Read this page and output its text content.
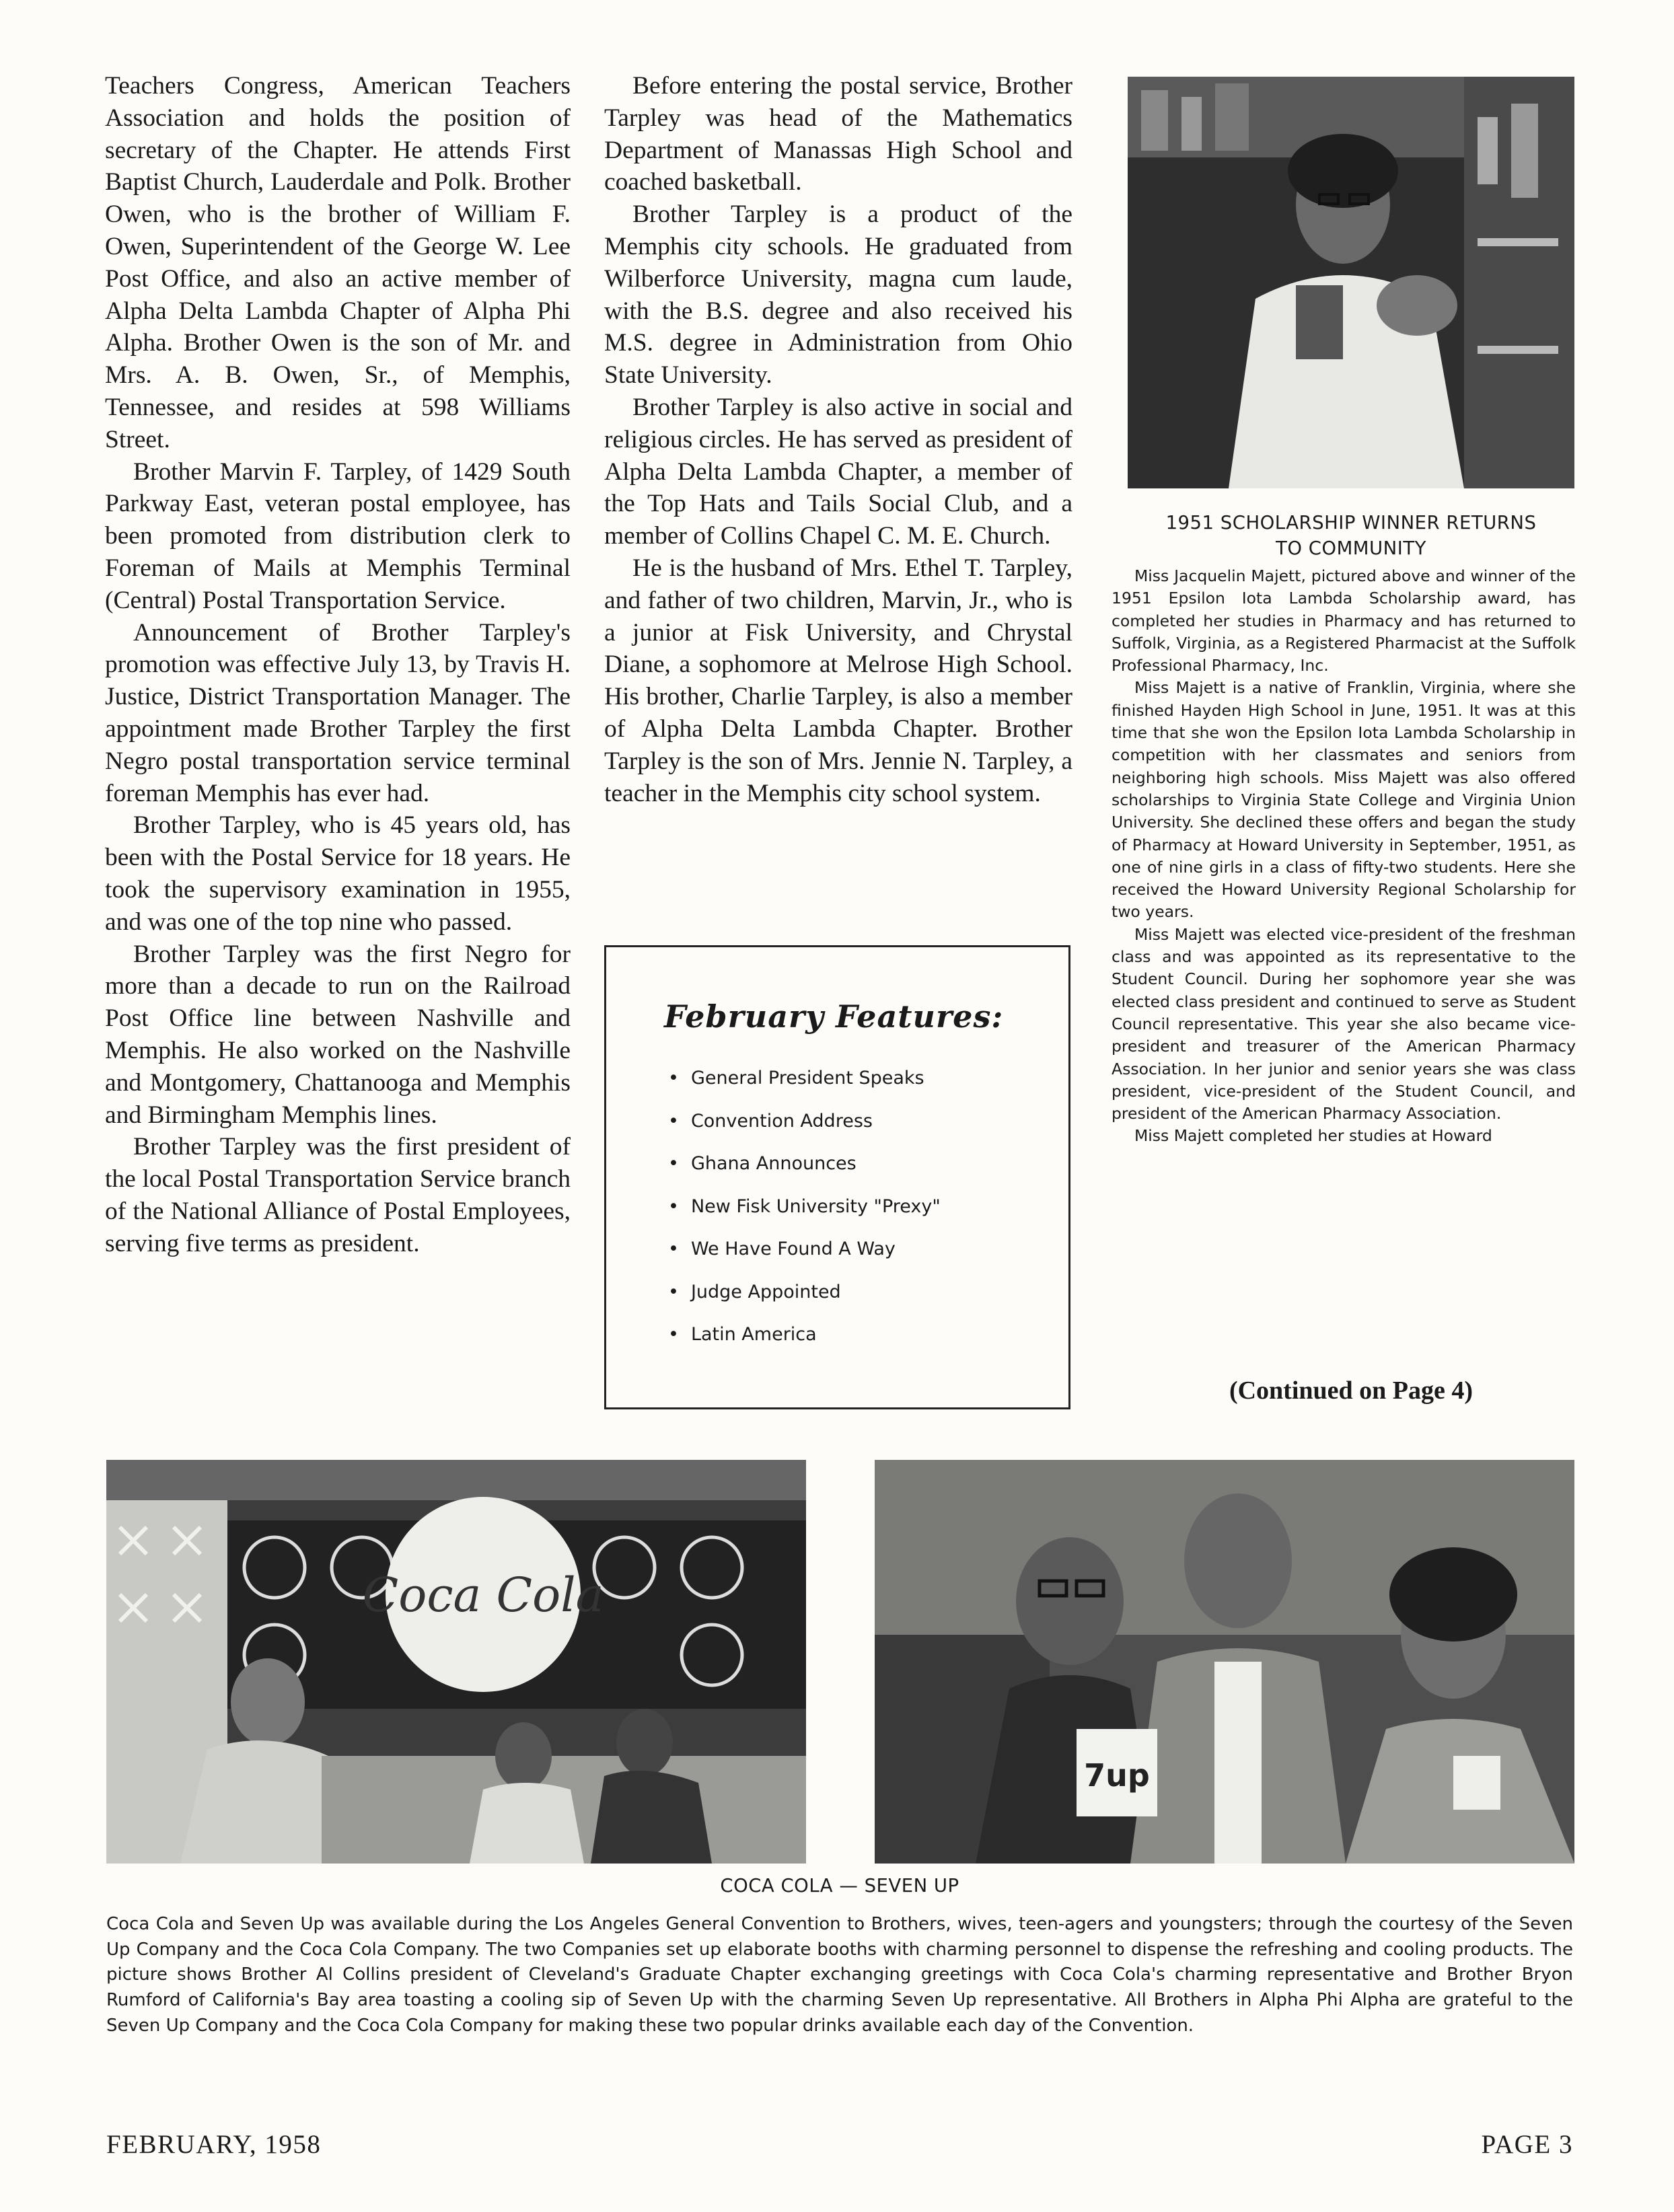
Teachers Congress, American Teachers Association and holds the position of secretary of the Chapter. He attends First Baptist Church, Lauderdale and Polk. Brother Owen, who is the brother of William F. Owen, Superintendent of the George W. Lee Post Office, and also an active member of Alpha Delta Lambda Chapter of Alpha Phi Alpha. Brother Owen is the son of Mr. and Mrs. A. B. Owen, Sr., of Memphis, Tennessee, and resides at 598 Williams Street.

Brother Marvin F. Tarpley, of 1429 South Parkway East, veteran postal employee, has been promoted from distribution clerk to Foreman of Mails at Memphis Terminal (Central) Postal Transportation Service.

Announcement of Brother Tarpley's promotion was effective July 13, by Travis H. Justice, District Transportation Manager. The appointment made Brother Tarpley the first Negro postal transportation service terminal foreman Memphis has ever had.

Brother Tarpley, who is 45 years old, has been with the Postal Service for 18 years. He took the supervisory examination in 1955, and was one of the top nine who passed.

Brother Tarpley was the first Negro for more than a decade to run on the Railroad Post Office line between Nashville and Memphis. He also worked on the Nashville and Montgomery, Chattanooga and Memphis and Birmingham Memphis lines.

Brother Tarpley was the first president of the local Postal Transportation Service branch of the National Alliance of Postal Employees, serving five terms as president.

Before entering the postal service, Brother Tarpley was head of the Mathematics Department of Manassas High School and coached basketball.

Brother Tarpley is a product of the Memphis city schools. He graduated from Wilberforce University, magna cum laude, with the B.S. degree and also received his M.S. degree in Administration from Ohio State University.

Brother Tarpley is also active in social and religious circles. He has served as president of Alpha Delta Lambda Chapter, a member of the Top Hats and Tails Social Club, and a member of Collins Chapel C. M. E. Church.

He is the husband of Mrs. Ethel T. Tarpley, and father of two children, Marvin, Jr., who is a junior at Fisk University, and Chrystal Diane, a sophomore at Melrose High School. His brother, Charlie Tarpley, is also a member of Alpha Delta Lambda Chapter. Brother Tarpley is the son of Mrs. Jennie N. Tarpley, a teacher in the Memphis city school system.

February Features:
• General President Speaks
• Convention Address
• Ghana Announces
• New Fisk University "Prexy"
• We Have Found A Way
• Judge Appointed
• Latin America
1951 SCHOLARSHIP WINNER RETURNS
TO COMMUNITY

Miss Jacquelin Majett, pictured above and winner of the 1951 Epsilon Iota Lambda Scholarship award, has completed her studies in Pharmacy and has returned to Suffolk, Virginia, as a Registered Pharmacist at the Suffolk Professional Pharmacy, Inc.

Miss Majett is a native of Franklin, Virginia, where she finished Hayden High School in June, 1951. It was at this time that she won the Epsilon Iota Lambda Scholarship in competition with her classmates and seniors from neighboring high schools. Miss Majett was also offered scholarships to Virginia State College and Virginia Union University. She declined these offers and began the study of Pharmacy at Howard University in September, 1951, as one of nine girls in a class of fifty-two students. Here she received the Howard University Regional Scholarship for two years.

Miss Majett was elected vice-president of the freshman class and was appointed as its representative to the Student Council. During her sophomore year she was elected class president and continued to serve as Student Council representative. This year she also became vice-president and treasurer of the American Pharmacy Association. In her junior and senior years she was class president, vice-president of the Student Council, and president of the American Pharmacy Association.

Miss Majett completed her studies at Howard

(Continued on Page 4)
Coca Cola
7up
COCA COLA — SEVEN UP
Coca Cola and Seven Up was available during the Los Angeles General Convention to Brothers, wives, teen-agers and youngsters; through the courtesy of the Seven Up Company and the Coca Cola Company. The two Companies set up elaborate booths with charming personnel to dispense the refreshing and cooling products. The picture shows Brother Al Collins president of Cleveland's Graduate Chapter exchanging greetings with Coca Cola's charming representative and Brother Bryon Rumford of California's Bay area toasting a cooling sip of Seven Up with the charming Seven Up representative. All Brothers in Alpha Phi Alpha are grateful to the Seven Up Company and the Coca Cola Company for making these two popular drinks available each day of the Convention.
FEBRUARY, 1958	PAGE 3
